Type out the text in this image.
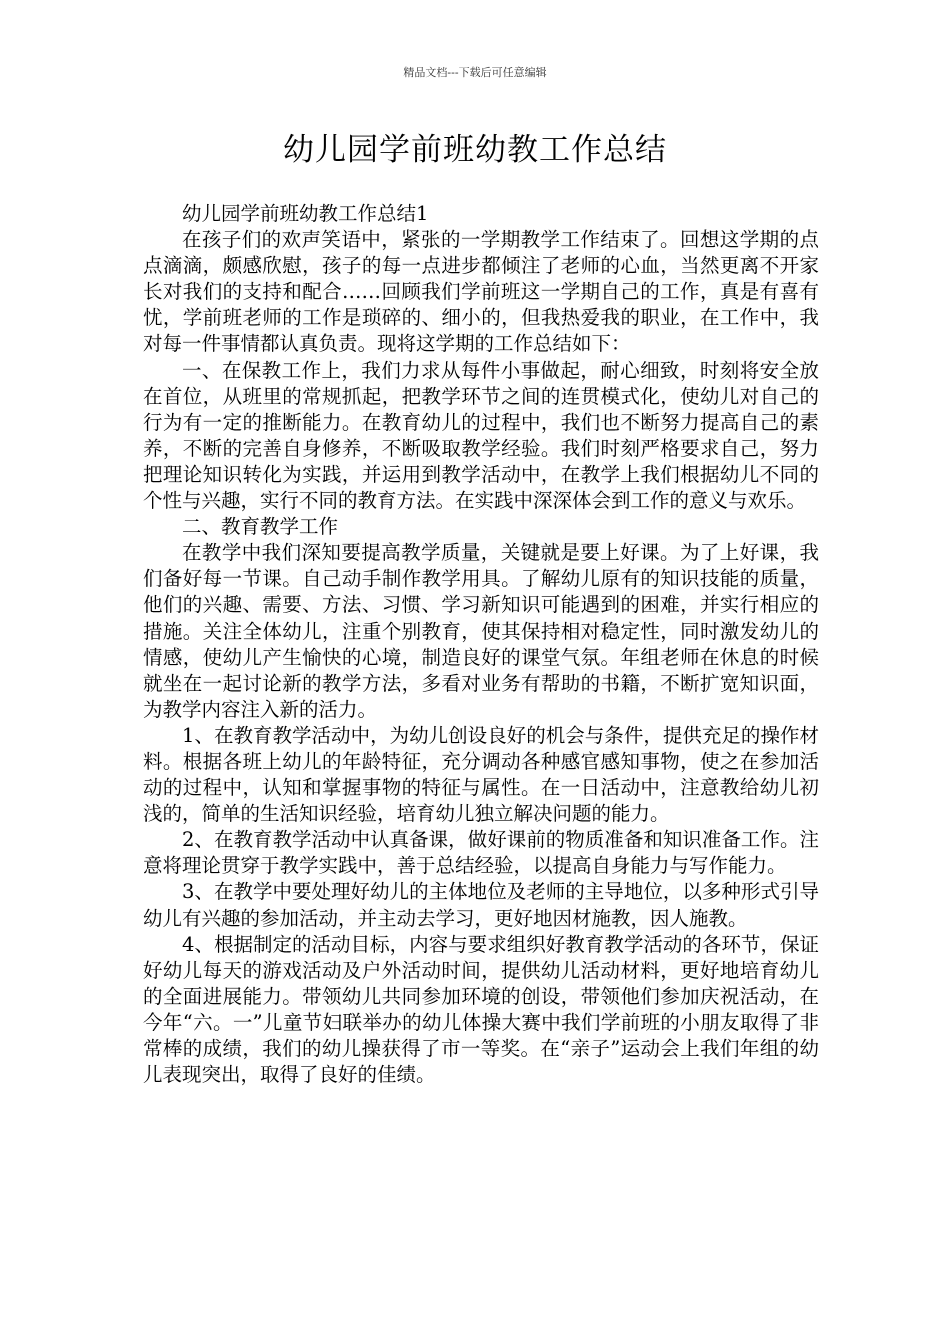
精品文档---下载后可任意编辑
幼儿园学前班幼教工作总结

幼儿园学前班幼教工作总结1

在孩子们的欢声笑语中，紧张的一学期教学工作结束了。回想这学期的点点滴滴，颇感欣慰，孩子的每一点进步都倾注了老师的心血，当然更离不开家长对我们的支持和配合……回顾我们学前班这一学期自己的工作，真是有喜有忧，学前班老师的工作是琐碎的、细小的，但我热爱我的职业，在工作中，我对每一件事情都认真负责。现将这学期的工作总结如下：

一、在保教工作上，我们力求从每件小事做起，耐心细致，时刻将安全放在首位，从班里的常规抓起，把教学环节之间的连贯模式化，使幼儿对自己的行为有一定的推断能力。在教育幼儿的过程中，我们也不断努力提高自己的素养，不断的完善自身修养，不断吸取教学经验。我们时刻严格要求自己，努力把理论知识转化为实践，并运用到教学活动中，在教学上我们根据幼儿不同的个性与兴趣，实行不同的教育方法。在实践中深深体会到工作的意义与欢乐。

二、教育教学工作

在教学中我们深知要提高教学质量，关键就是要上好课。为了上好课，我们备好每一节课。自己动手制作教学用具。了解幼儿原有的知识技能的质量，他们的兴趣、需要、方法、习惯、学习新知识可能遇到的困难，并实行相应的措施。关注全体幼儿，注重个别教育，使其保持相对稳定性，同时激发幼儿的情感，使幼儿产生愉快的心境，制造良好的课堂气氛。年组老师在休息的时候就坐在一起讨论新的教学方法，多看对业务有帮助的书籍，不断扩宽知识面，为教学内容注入新的活力。

1、在教育教学活动中，为幼儿创设良好的机会与条件，提供充足的操作材料。根据各班上幼儿的年龄特征，充分调动各种感官感知事物，使之在参加活动的过程中，认知和掌握事物的特征与属性。在一日活动中，注意教给幼儿初浅的，简单的生活知识经验，培育幼儿独立解决问题的能力。

2、在教育教学活动中认真备课，做好课前的物质准备和知识准备工作。注意将理论贯穿于教学实践中，善于总结经验，以提高自身能力与写作能力。

3、在教学中要处理好幼儿的主体地位及老师的主导地位，以多种形式引导幼儿有兴趣的参加活动，并主动去学习，更好地因材施教，因人施教。

4、根据制定的活动目标，内容与要求组织好教育教学活动的各环节，保证好幼儿每天的游戏活动及户外活动时间，提供幼儿活动材料，更好地培育幼儿的全面进展能力。带领幼儿共同参加环境的创设，带领他们参加庆祝活动，在今年“六。一”儿童节妇联举办的幼儿体操大赛中我们学前班的小朋友取得了非常棒的成绩，我们的幼儿操获得了市一等奖。在“亲子”运动会上我们年组的幼儿表现突出，取得了良好的佳绩。
